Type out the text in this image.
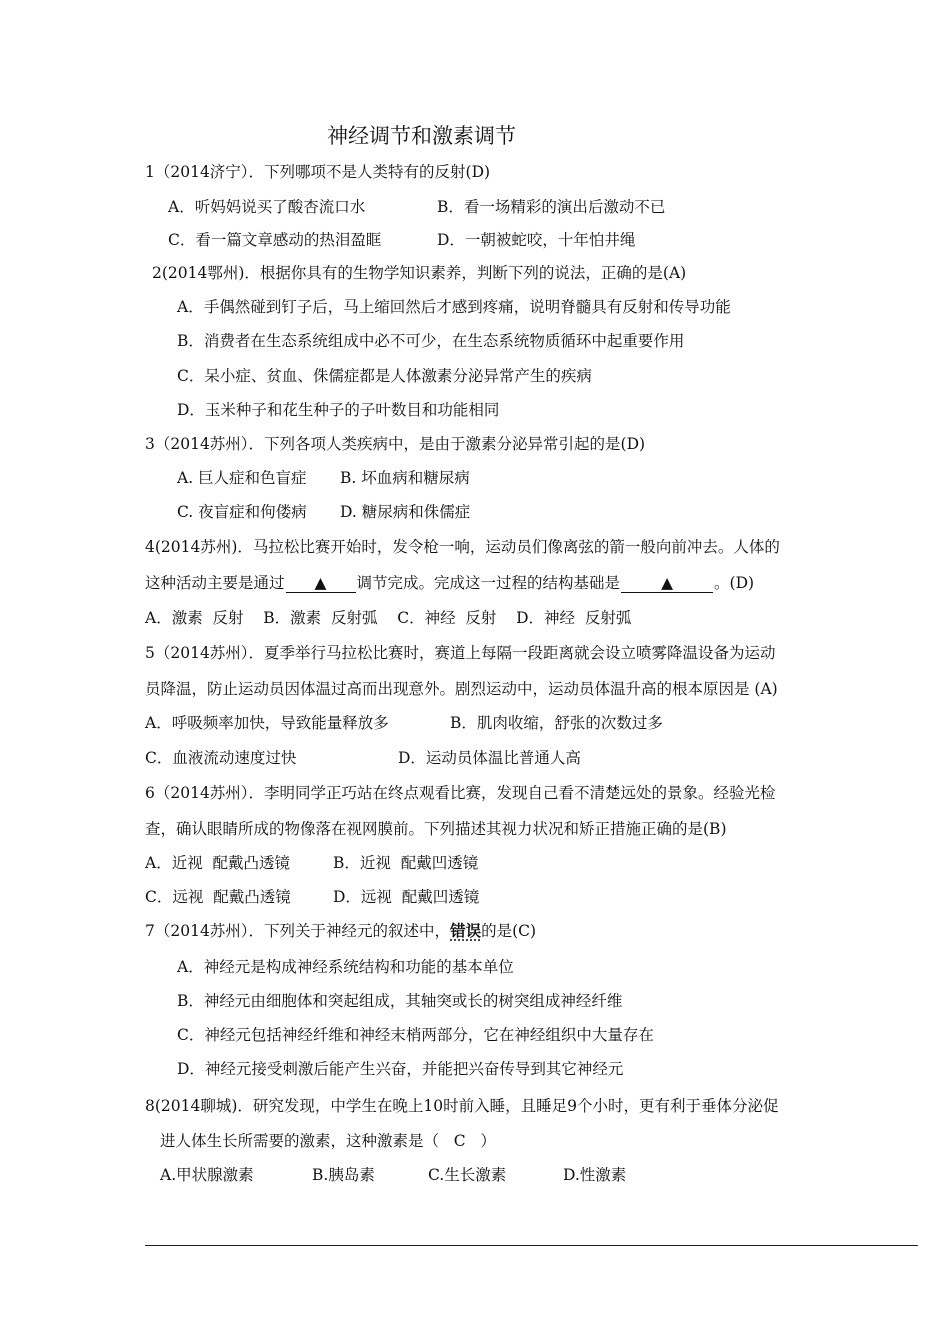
神经调节和激素调节
1（2014济宁）．下列哪项不是人类特有的反射(D)
A．听妈妈说买了酸杏流口水	B．看一场精彩的演出后激动不已
C．看一篇文章感动的热泪盈眶	D．一朝被蛇咬，十年怕井绳
2(2014鄂州)．根据你具有的生物学知识素养，判断下列的说法，正确的是(A)
A．手偶然碰到钉子后，马上缩回然后才感到疼痛，说明脊髓具有反射和传导功能
B．消费者在生态系统组成中必不可少，在生态系统物质循环中起重要作用
C．呆小症、贫血、侏儒症都是人体激素分泌异常产生的疾病
D．玉米种子和花生种子的子叶数目和功能相同
3（2014苏州）．下列各项人类疾病中，是由于激素分泌异常引起的是(D)
A. 巨人症和色盲症 B. 坏血病和糖尿病
C. 夜盲症和佝偻病 D. 糖尿病和侏儒症
4(2014苏州)．马拉松比赛开始时，发令枪一响，运动员们像离弦的箭一般向前冲去。人体的
这种活动主要是通过 ▲ 调节完成。完成这一过程的结构基础是	▲	。(D)
A．激素  反射    B．激素  反射弧    C．神经  反射    D．神经  反射弧
5（2014苏州）．夏季举行马拉松比赛时，赛道上每隔一段距离就会设立喷雾降温设备为运动
员降温，防止运动员因体温过高而出现意外。剧烈运动中，运动员体温升高的根本原因是 (A)
A．呼吸频率加快，导致能量释放多	B．肌肉收缩，舒张的次数过多
C．血液流动速度过快	D．运动员体温比普通人高
6（2014苏州）．李明同学正巧站在终点观看比赛，发现自己看不清楚远处的景象。经验光检
查，确认眼睛所成的物像落在视网膜前。下列描述其视力状况和矫正措施正确的是(B)
A．近视  配戴凸透镜	B．近视  配戴凹透镜
C．远视  配戴凸透镜	D．远视  配戴凹透镜
7（2014苏州）．下列关于神经元的叙述中，错误的是(C)
A．神经元是构成神经系统结构和功能的基本单位
B．神经元由细胞体和突起组成，其轴突或长的树突组成神经纤维
C．神经元包括神经纤维和神经末梢两部分，它在神经组织中大量存在
D．神经元接受刺激后能产生兴奋，并能把兴奋传导到其它神经元
8(2014聊城)．研究发现，中学生在晚上10时前入睡，且睡足9个小时，更有利于垂体分泌促
进人体生长所需要的激素，这种激素是（   C   ）
A.甲状腺激素	B.胰岛素	C.生长激素	D.性激素
